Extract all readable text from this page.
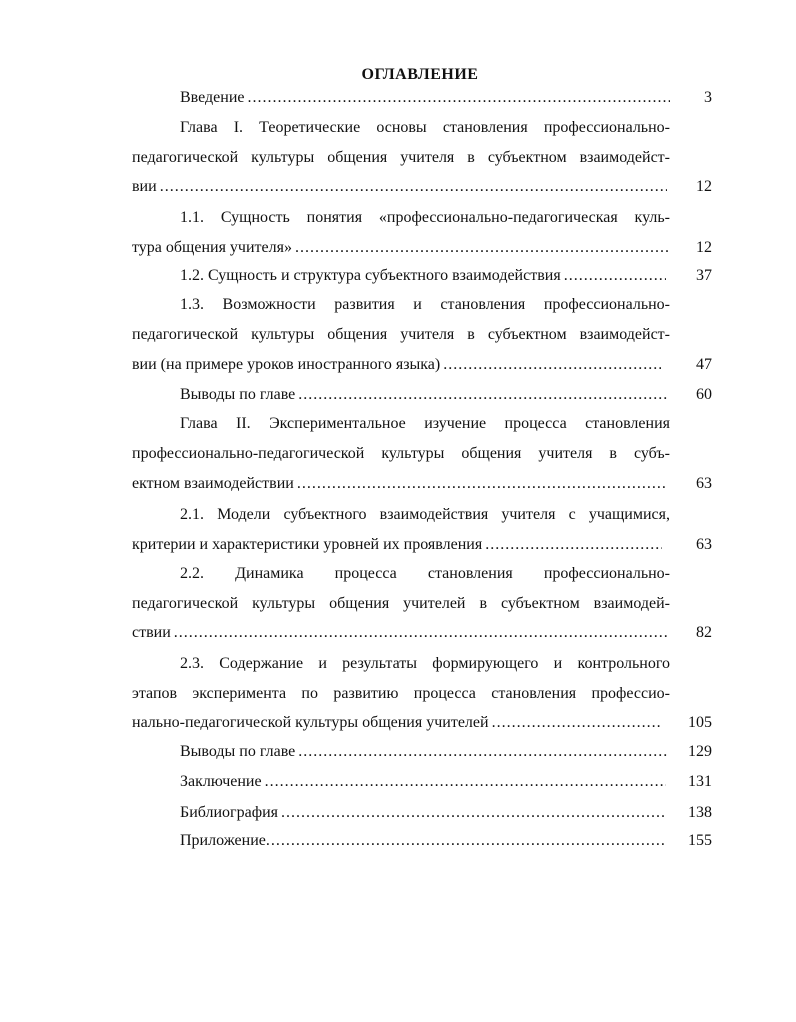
ОГЛАВЛЕНИЕ
Введение .....	3
Глава I. Теоретические основы становления профессионально-
педагогической культуры общения учителя в субъектном взаимодейст-
вии .....	12
1.1. Сущность понятия «профессионально-педагогическая куль-
тура общения учителя» .....	12
1.2. Сущность и структура субъектного взаимодействия .....	37
1.3. Возможности развития и становления профессионально-
педагогической культуры общения учителя в субъектном взаимодейст-
вии (на примере уроков иностранного языка) .....	47
Выводы по главе .....	60
Глава II. Экспериментальное изучение процесса становления
профессионально-педагогической культуры общения учителя в субъ-
ектном взаимодействии .....	63
2.1. Модели субъектного взаимодействия учителя с учащимися,
критерии и характеристики уровней их проявления .....	63
2.2. Динамика процесса становления профессионально-
педагогической культуры общения учителей в субъектном взаимодей-
ствии .....	82
2.3. Содержание и результаты формирующего и контрольного
этапов эксперимента по развитию процесса становления профессио-
нально-педагогической культуры общения учителей .....	105
Выводы по главе .....	129
Заключение .....	131
Библиография .....	138
Приложение .....	155
